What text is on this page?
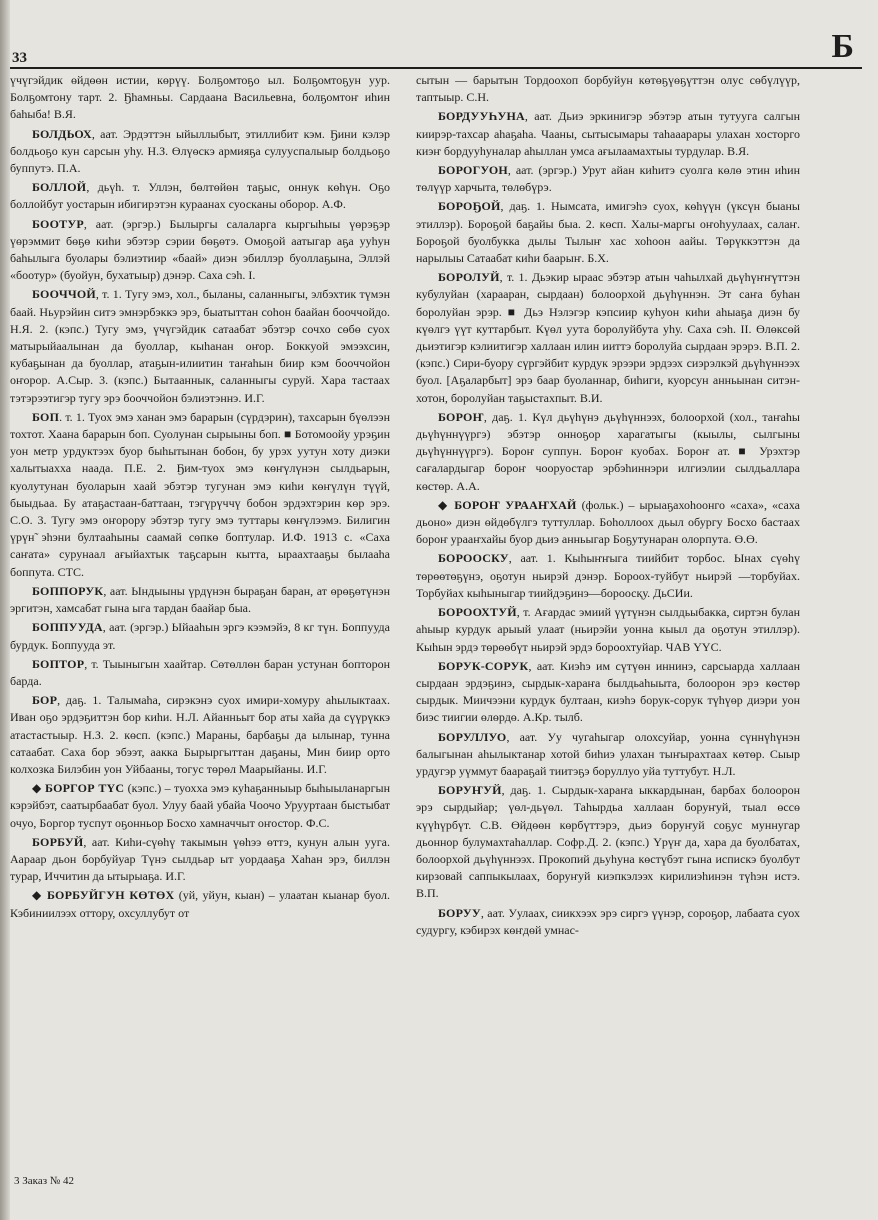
33	Б

үчүгэйдик өйдөөн истии, көрүү. Болҕомтоҕо ыл. Болҕомтоҕун уур. Болҕомтону тарт. 2. Ҕһамньы. Сардаана Васильевна, болҕомтоҥ иһин баһыба! В.Я.

БОЛДЬОХ, аат. Эрдэттэн ыйыллыбыт, этиллибит кэм. Ҕини кэлэр болдьоҕо кун сарсын уһу. Н.З. Өлүөскэ армияҕа сулууспалыыр болдьоҕо буппутэ. П.А.

БОЛЛОЙ, дьүһ. т. Уллэн, бөлтөйөн таҕыс, оннук көһүн. Оҕо боллойбут уостарын ибигирэтэн кураанах суосканы оборор. А.Ф.

БООТУР, аат. (эргэр.) Былыргы салаларга кыргыһыы үөрэҕэр үөрэммит бөҕө киһи эбэтэр сэрии бөҕөтэ. Омоҕой аатыгар аҕа ууһун баһылыга буолары бэлиэтиир «баай» диэн эбиллэр буоллаҕына, Эллэй «боотур» (буойун, бухатыыр) дэнэр. Саха сэһ. І.

БООЧЧОЙ, т. 1. Тугу эмэ, хол., быланы, саланныгы, элбэхтик түмэн баай. Ньурэйин ситэ эмнэрбэккэ эрэ, быатыттан соһон баайан бооччойдо. Н.Я. 2. (кэпс.) Тугу эмэ, үчүгэйдик сатаабат эбэтэр сочхо сөбө суох матырыйаалынан да буоллар, кыһанан оҥор. Боккуой эмээхсин, кубаҕынан да буоллар, атаҕын-илиитин таҥаһын биир кэм бооччойон оҥорор. А.Сыр. 3. (кэпс.) Бытааннык, саланныгы суруй. Хара тастаах тэтэрээтигэр тугу эрэ бооччойон бэлиэтэннэ. И.Г.

БОП. т. 1. Туох эмэ ханан эмэ барарын (сүрдэрин), тахсарын бүөлээн тохтот. Хаана барарын боп. Суолунан сырыыны боп. ■ Ботомоойу урэҕин уон метр урдуктээх буор быһытынан бобон, бу урэх уутун хоту диэки халытыахха наада. П.Е. 2. Ҕим-туох эмэ көҥүлүнэн сылдьарын, куолутунан буоларын хаай эбэтэр тугунан эмэ киһи көҥүлүн түүй, быыдьаа. Бу атаҕастаан-баттаан, тэгүрүччү бобон эрдэхтэрин көр эрэ. С.О. 3. Тугу эмэ оҥорору эбэтэр тугу эмэ туттары көҥүлээмэ. Билигин үрүн̃ эһэни бултааһыны саамай сөпкө боптулар. И.Ф. 1913 с. «Саха саҥата» сурунаал ағыйахтык таҕсарын кытта, ыраахтааҕы былааһа боппута. СТС.

БОППОРУК, аат. Ындыыны үрдүнэн быраҕан баран, ат өрөҕөтүнэн эргитэн, хамсабат гына ыга тардан баайар быа.

БОППУУДА, аат. (эргэр.) Ыйааһын эргэ кээмэйэ, 8 кг түн. Боппууда бурдук. Боппууда эт.

БОПТОР, т. Тыыныгын хаайтар. Сөтөллөн баран устунан бопторон барда.

БОР, даҕ. 1. Талымаһа, сирэкэнэ суох имири-хомуру аһылыктаах. Иван оҕо эрдэҕиттэн бор киһи. Н.Л. Айанньыт бор аты хайа да сүүрүккэ атастастыыр. Н.З. 2. көсп. (кэпс.) Мараны, барбаҕы да ылынар, тунна сатаабат. Саха бор эбээт, аакка Бырыргыттан даҕаны, Мин биир орто колхозка Билэбин уон Уйбааны, тогус төрөл Маарыйаны. И.Г.

◆ БОРГОР ТҮС (кэпс.) – туохха эмэ куһаҕанныыр быһыыланаргын кэрэйбэт, саатырбаабат буол. Улуу баай убайа Чоочо Урууртаан быстыбат очуо, Боргор туспут оҕонньор Босхо хамначчыт оҥостор. Ф.С.

БОРБУЙ, аат. Киһи-сүөһү такымын үөһээ өттэ, кунун алын ууга. Аараар дьон борбуйуар Түнэ сылдьар ыт уордааҕа Хаһан эрэ, биллэн турар, Иччитин да ытырыаҕа. И.Г.

◆ БОРБУЙГУН КӨТӨХ (уй, уйун, кыан) – улаатан кыанар буол. Кэбиниилээх оттору, охсуллубут от

сытын — барытын Тордоохоп борбуйун көтөҕүөҕүттэн олус сөбүлүүр, таптыыр. С.Н.

БОРДУУҺУНА, аат. Дьиэ эркинигэр эбэтэр атын тутууга салгын киирэр-тахсар аһаҕаһа. Чааны, сытысымары таһааарары улахан хосторго киэҥ бордууһуналар аһыллан умса ағылаамахтыы турдулар. В.Я.

БОРОГУОН, аат. (эргэр.) Урут айан киһитэ суолга көлө этин иһин төлүүр харчыта, төлөбүрэ.

БОРОҔОЙ, даҕ. 1. Нымсата, имигэһэ суох, көһүүн (үксүн быаны этиллэр). Бороҕой баҕайы быа. 2. көсп. Халы-маргы оҥоһуулаах, салаҥ. Бороҕой буолбукка дылы Тылыҥ хас хоһоон аайы. Төрүккэттэн да нарылыы Сатаабат киһи баарыҥ. Б.Х.

БОРОЛУЙ, т. 1. Дьэкир ыраас эбэтэр атын чаһылхай дьүһүҥҥүттэн кубулуйан (харааран, сырдаан) болоорхой дьүһүннэн. Эт саҥа буһан боролуйан эрэр. ■ Дьэ Нэлэгэр кэпсиир куһуон киһи аһыаҕа диэн бу күөлгэ үүт куттарбыт. Күөл уута боролуйбута уһу. Саха сэһ. II. Өлөксөй дьиэтигэр кэлиитигэр халлаан илин ииттэ боролуйа сырдаан эрэрэ. В.П. 2. (кэпс.) Сири-буору сүргэйбит курдук эрээри эрдээх сиэрэлкэй дьүһүннээх буол. [Аҕаларбыт] эрэ баар буоланнар, биһиги, куорсун анньынан ситэн-хотон, боролуйан таҕыстахпыт. В.И.

БОРОҤ, даҕ. 1. Күл дьүһүнэ дьүһүннээх, болоорхой (хол., таҥаһы дьүһүннүүргэ) эбэтэр онноҕор харагатыгы (кыылы, сылгыны дьүһүннүүргэ). Бороҥ суппун. Бороҥ куобах. Бороҥ ат. ■ Урэхтэр сағалардыгар бороҥ чооруостар эрбэһиннэри илгиэлии сылдьаллара көстөр. А.А.

◆ БОРОҤ УРААҤХАЙ (фольк.) – ырыаҕахоһоонго «саха», «саха дьоно» диэн өйдөбүлгэ туттуллар. Боһоллоох дьыл обургу Босхо бастаах бороҥ урааҥхайы буор дьиэ анньыгар Боҕутунаран олорпута. Ө.Ө.

БОРООСКУ, аат. 1. Кыһыҥҥыга тиийбит торбос. Ынах сүөһү төрөөтөҕүнэ, оҕотун ньирэй дэнэр. Бороох-туйбут ньирэй —торбуйах. Торбуйах кыһыныгар тиийдэҕинэ—бороосқу. ДьСИи.

БОРООХТУЙ, т. Ағардас эмиий үүтүнэн сылдьыбакка, сиртэн булан аһыыр курдук арыый улаат (ньирэйи уонна кыыл да оҕотун этиллэр). Кыһын эрдэ төрөөбүт ньирэй эрдэ бороохтуйар. ЧАВ ҮҮС.

БОРУК-СОРУК, аат. Киэһэ им сүтүөн иннинэ, сарсыарда халлаан сырдаан эрдэҕинэ, сырдык-хараҥа былдьаһыыта, болоорон эрэ көстөр сырдык. Миичээни курдук бултаан, киэһэ борук-сорук түһүөр диэри уон биэс тиигии өлөрдө. А.Кр. тылб.

БОРУЛЛУО, аат. Уу чугаһыгар олохсуйар, уонна сүннүһүнэн балыгынан аһылыктанар хотой биһиэ улахан тыҥырахтаах көтөр. Сыыр урдугэр уүммут баараҕай тиитэҕэ боруллуо уйа туттубут. Н.Л.

БОРУҤУЙ, даҕ. 1. Сырдык-хараҥа ыккардынан, барбах болоорон эрэ сырдыйар; үөл-дьүөл. Таһырдьа халлаан боруҥуй, тыал өссө күүһүрбүт. С.В. Өйдөөн көрбүттэрэ, дьиэ боруҥуй соҕус муннугар дьоннор булумахтаһаллар. Софр.Д. 2. (кэпс.) Үрүҥ да, хара да буолбатах, болоорхой дьүһүннээх. Прокопий дьуһуна көстүбэт гына испискэ буолбут кирзовай саппыкылаах, боруҥуй киэпкэлээх кирилиэһинэн түһэн истэ. В.П.

БОРУУ, аат. Уулаах, сиикхээх эрэ сиргэ үүнэр, сороҕор, лабаата суох судургу, кэбирэх көҥдөй умнас-

3 Заказ № 42
